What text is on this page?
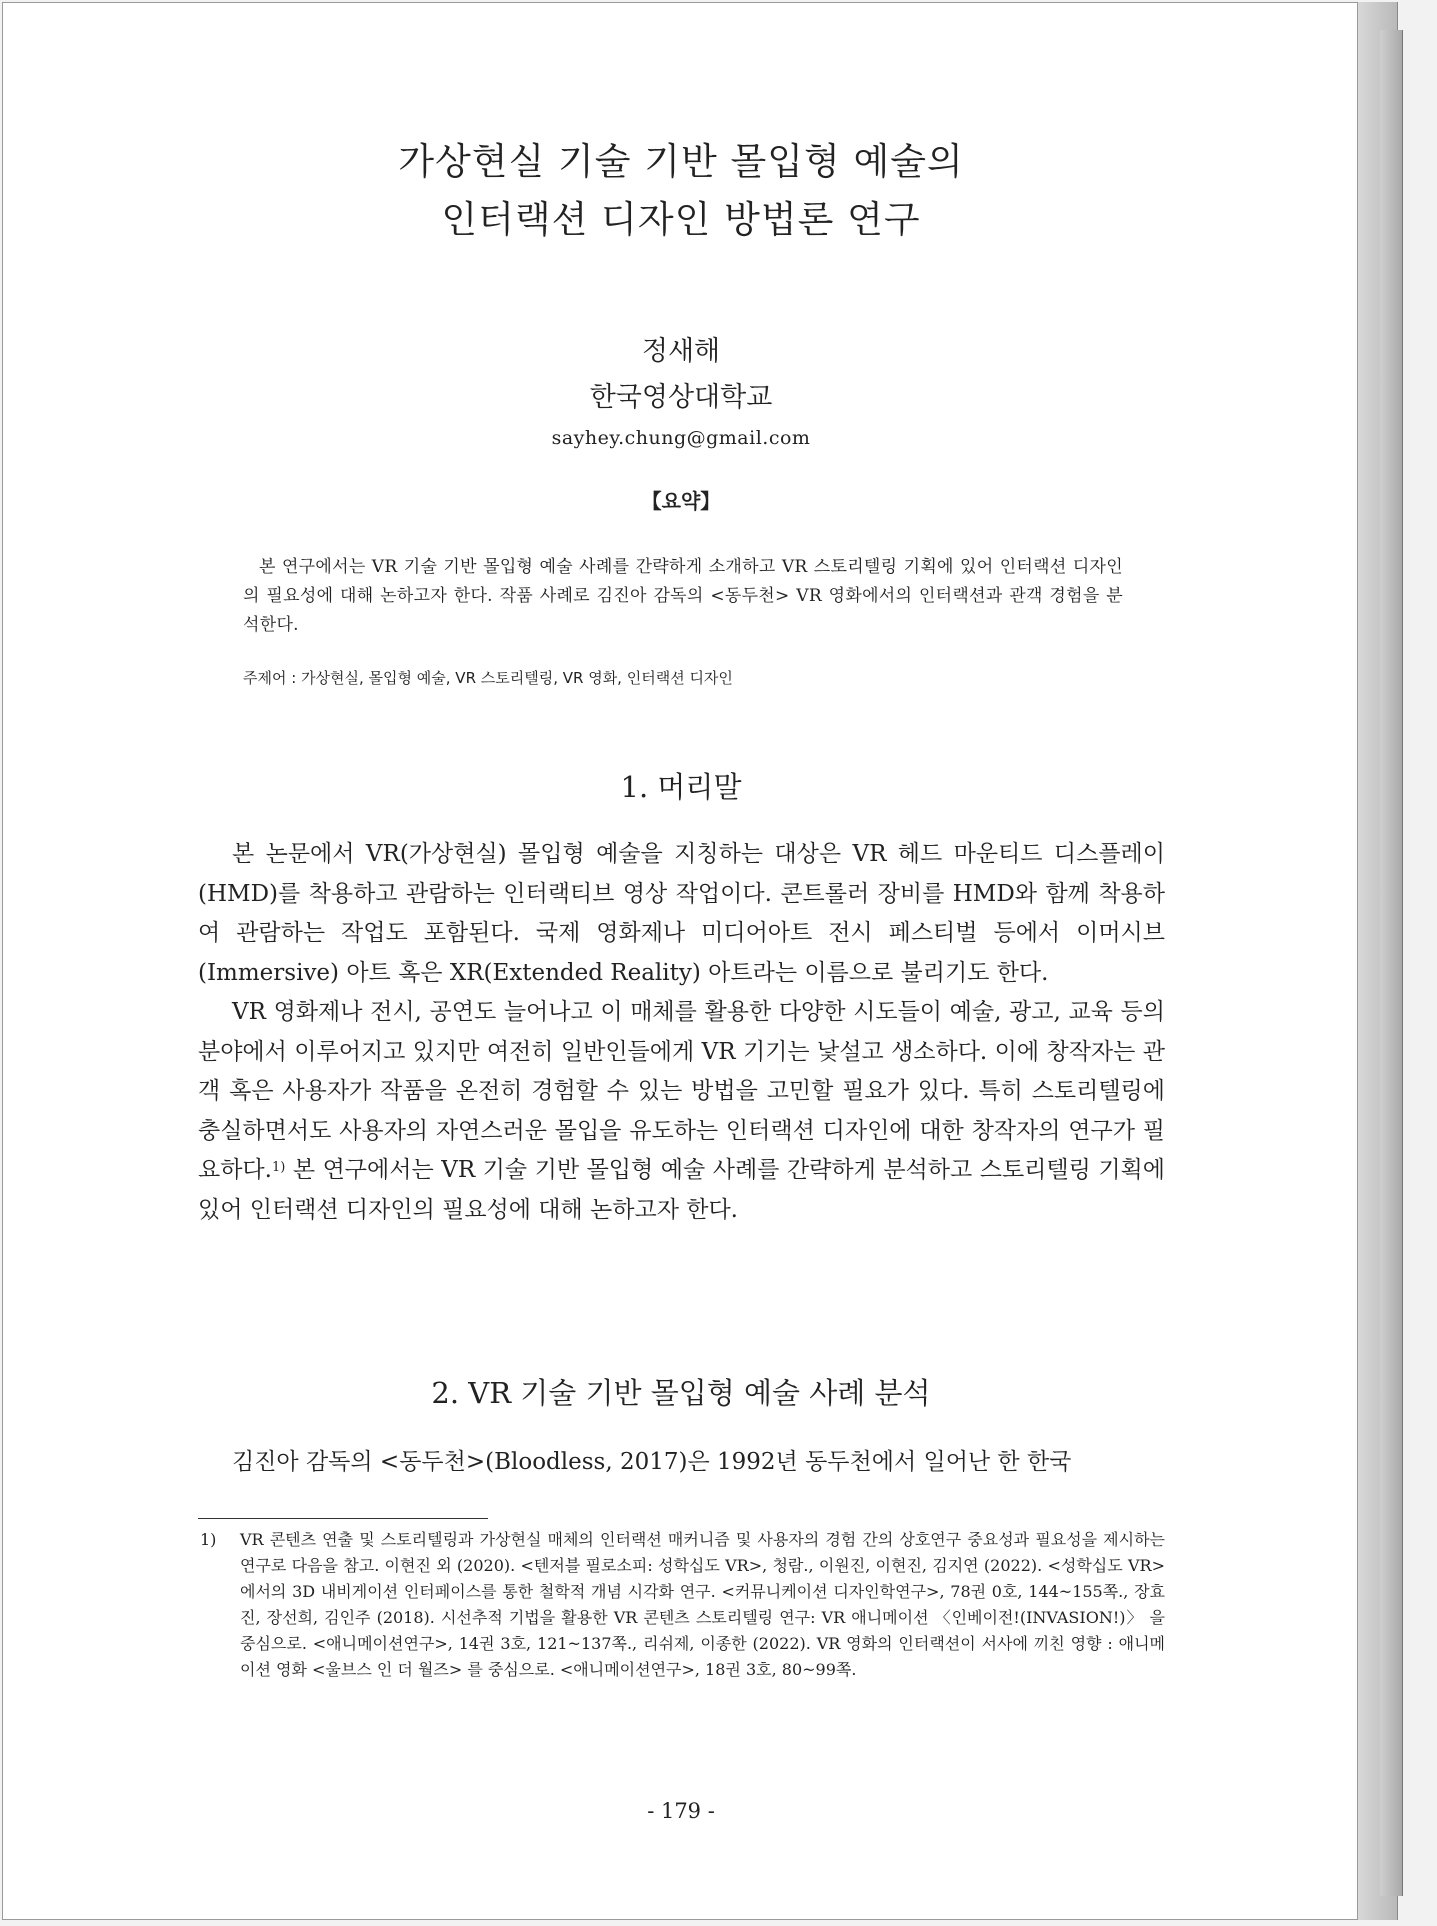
가상현실 기술 기반 몰입형 예술의
인터랙션 디자인 방법론 연구
정새해
한국영상대학교
sayhey.chung@gmail.com
【요약】
본 연구에서는 VR 기술 기반 몰입형 예술 사례를 간략하게 소개하고 VR 스토리텔링 기획에 있어 인터랙션 디자인의 필요성에 대해 논하고자 한다. 작품 사례로 김진아 감독의 <동두천> VR 영화에서의 인터랙션과 관객 경험을 분석한다.
주제어 : 가상현실, 몰입형 예술, VR 스토리텔링, VR 영화, 인터랙션 디자인
1. 머리말

본 논문에서 VR(가상현실) 몰입형 예술을 지칭하는 대상은 VR 헤드 마운티드 디스플레이(HMD)를 착용하고 관람하는 인터랙티브 영상 작업이다. 콘트롤러 장비를 HMD와 함께 착용하여 관람하는 작업도 포함된다. 국제 영화제나 미디어아트 전시 페스티벌 등에서 이머시브(Immersive) 아트 혹은 XR(Extended Reality) 아트라는 이름으로 불리기도 한다.

VR 영화제나 전시, 공연도 늘어나고 이 매체를 활용한 다양한 시도들이 예술, 광고, 교육 등의 분야에서 이루어지고 있지만 여전히 일반인들에게 VR 기기는 낯설고 생소하다. 이에 창작자는 관객 혹은 사용자가 작품을 온전히 경험할 수 있는 방법을 고민할 필요가 있다. 특히 스토리텔링에 충실하면서도 사용자의 자연스러운 몰입을 유도하는 인터랙션 디자인에 대한 창작자의 연구가 필요하다.$^{1)}$ 본 연구에서는 VR 기술 기반 몰입형 예술 사례를 간략하게 분석하고 스토리텔링 기획에 있어 인터랙션 디자인의 필요성에 대해 논하고자 한다.

2. VR 기술 기반 몰입형 예술 사례 분석

김진아 감독의 <동두천>(Bloodless, 2017)은 1992년 동두천에서 일어난 한 한국

1) VR 콘텐츠 연출 및 스토리텔링과 가상현실 매체의 인터랙션 매커니즘 및 사용자의 경험 간의 상호연구 중요성과 필요성을 제시하는 연구로 다음을 참고. 이현진 외 (2020). <텐저블 필로소피: 성학십도 VR>, 청람., 이원진, 이현진, 김지연 (2022). <성학십도 VR>에서의 3D 내비게이션 인터페이스를 통한 철학적 개념 시각화 연구. <커뮤니케이션 디자인학연구>, 78권 0호, 144~155쪽., 장효진, 장선희, 김인주 (2018). 시선추적 기법을 활용한 VR 콘텐츠 스토리텔링 연구: VR 애니메이션 〈인베이전!(INVASION!)〉 을 중심으로. <애니메이션연구>, 14권 3호, 121~137쪽., 리쉬제, 이종한 (2022). VR 영화의 인터랙션이 서사에 끼친 영향 : 애니메이션 영화 <울브스 인 더 월즈> 를 중심으로. <애니메이션연구>, 18권 3호, 80~99쪽.
- 179 -
